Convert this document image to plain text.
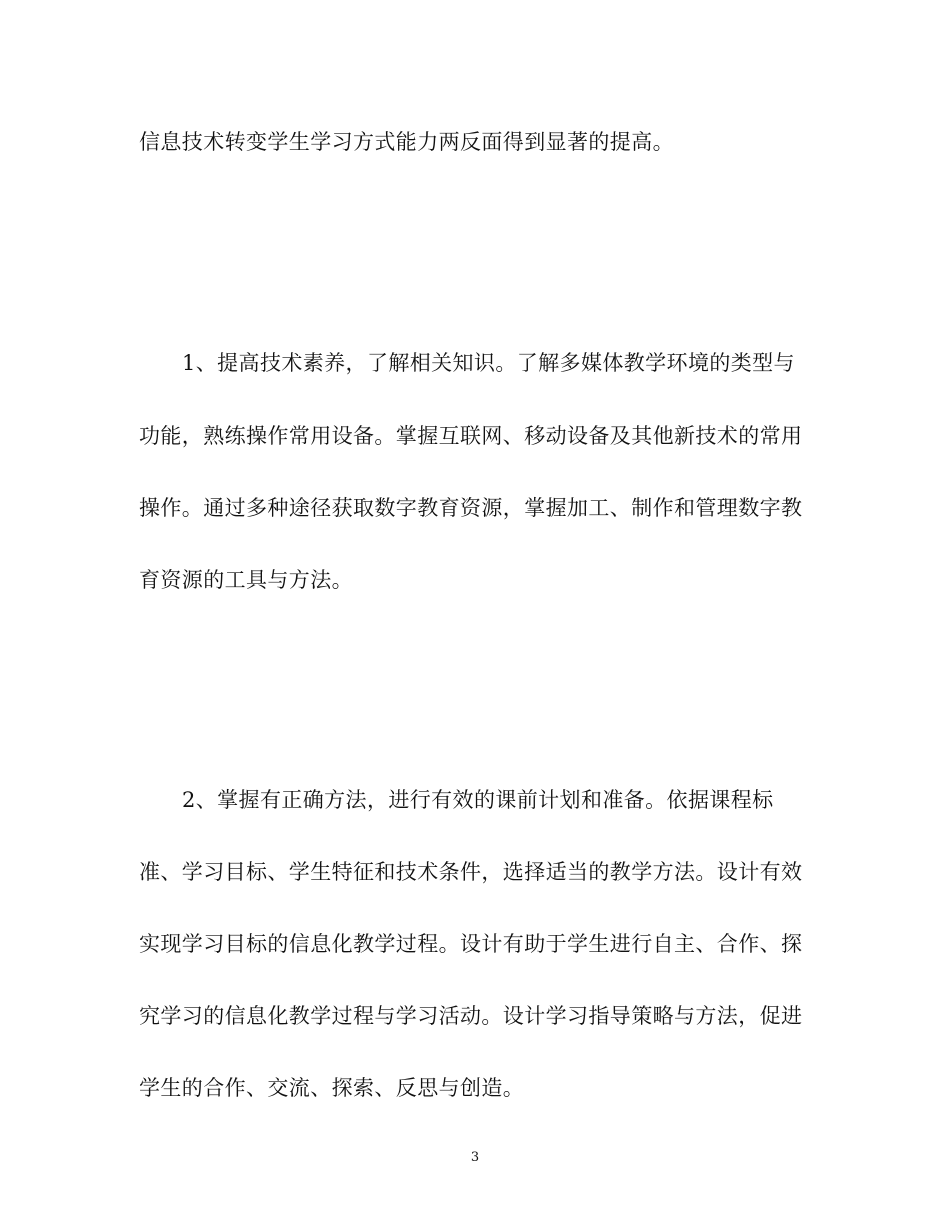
信息技术转变学生学习方式能力两反面得到显著的提高。
1、提高技术素养，了解相关知识。了解多媒体教学环境的类型与
功能，熟练操作常用设备。掌握互联网、移动设备及其他新技术的常用
操作。通过多种途径获取数字教育资源，掌握加工、制作和管理数字教
育资源的工具与方法。
2、掌握有正确方法，进行有效的课前计划和准备。依据课程标
准、学习目标、学生特征和技术条件，选择适当的教学方法。设计有效
实现学习目标的信息化教学过程。设计有助于学生进行自主、合作、探
究学习的信息化教学过程与学习活动。设计学习指导策略与方法，促进
学生的合作、交流、探索、反思与创造。
3
